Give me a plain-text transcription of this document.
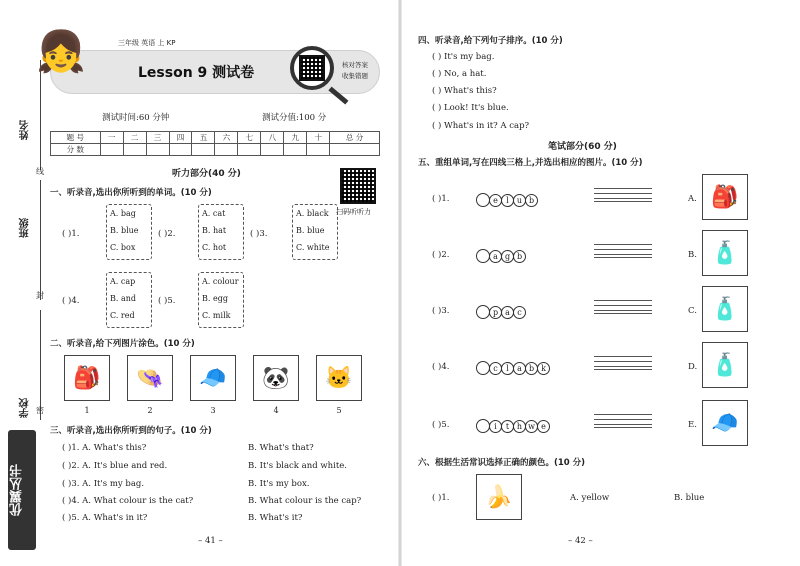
姓名
班级
学校
线
封
密
优翼丛书
👧	三年级 英语 上 KP
Lesson 9 测试卷	核对答案
收集错题
测试时间:60 分钟	测试分值:100 分
题 号	一	二	三	四	五	六	七	八	九	十	总 分
分 数											
听力部分(40 分)
扫码听听力
一、听录音,选出你所听到的单词。(10 分)
( )1.
A. bag
B. blue
C. box
( )2.
A. cat
B. hat
C. hot
( )3.
A. black
B. blue
C. white
( )4.
A. cap
B. and
C. red
( )5.
A. colour
B. egg
C. milk
二、听录音,给下列图片涂色。(10 分)
🎒	👒	🧢	🐼	🐱
1	2	3	4	5
三、听录音,选出你所听到的句子。(10 分)
( )1. A. What's this?	B. What's that?
( )2. A. It's blue and red.	B. It's black and white.
( )3. A. It's my bag.	B. It's my box.
( )4. A. What colour is the cat?	B. What colour is the cap?
( )5. A. What's in it?	B. What's it?
– 41 –
四、听录音,给下列句子排序。(10 分)
( ) It's my bag.
( ) No, a hat.
( ) What's this?
( ) Look! It's blue.
( ) What's in it? A cap?
笔试部分(60 分)
五、重组单词,写在四线三格上,并选出相应的图片。(10 分)
( )1.	e	l	u b	A. 🎒
( )2.	a g b	B. 🧴
( )3.	p a c	C. 🧴
( )4.	c	l	a b k	D. 🧴
( )5.	i	t h w e	E. 🧢
六、根据生活常识选择正确的颜色。(10 分)
( )1.	🍌	A. yellow	B. blue
– 42 –
